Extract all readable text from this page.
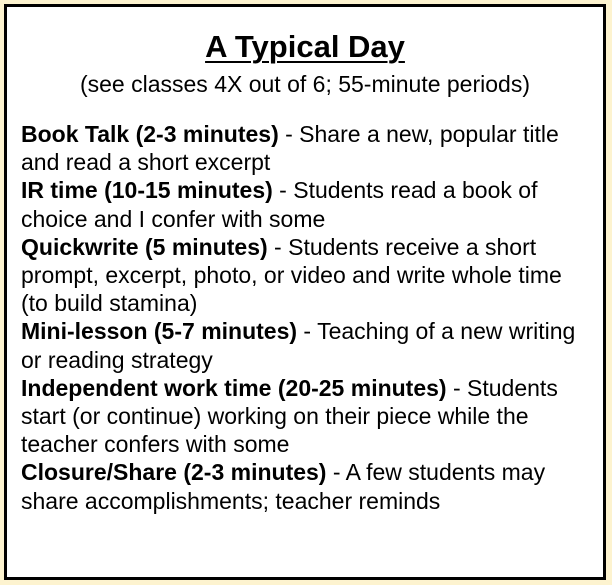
A Typical Day

(see classes 4X out of 6; 55-minute periods)

Book Talk (2-3 minutes) - Share a new, popular title and read a short excerpt
IR time (10-15 minutes) - Students read a book of choice and I confer with some
Quickwrite (5 minutes) - Students receive a short prompt, excerpt, photo, or video and write whole time (to build stamina)
Mini-lesson (5-7 minutes) - Teaching of a new writing or reading strategy
Independent work time (20-25 minutes) - Students start (or continue) working on their piece while the teacher confers with some
Closure/Share (2-3 minutes) - A few students may share accomplishments; teacher reminds
